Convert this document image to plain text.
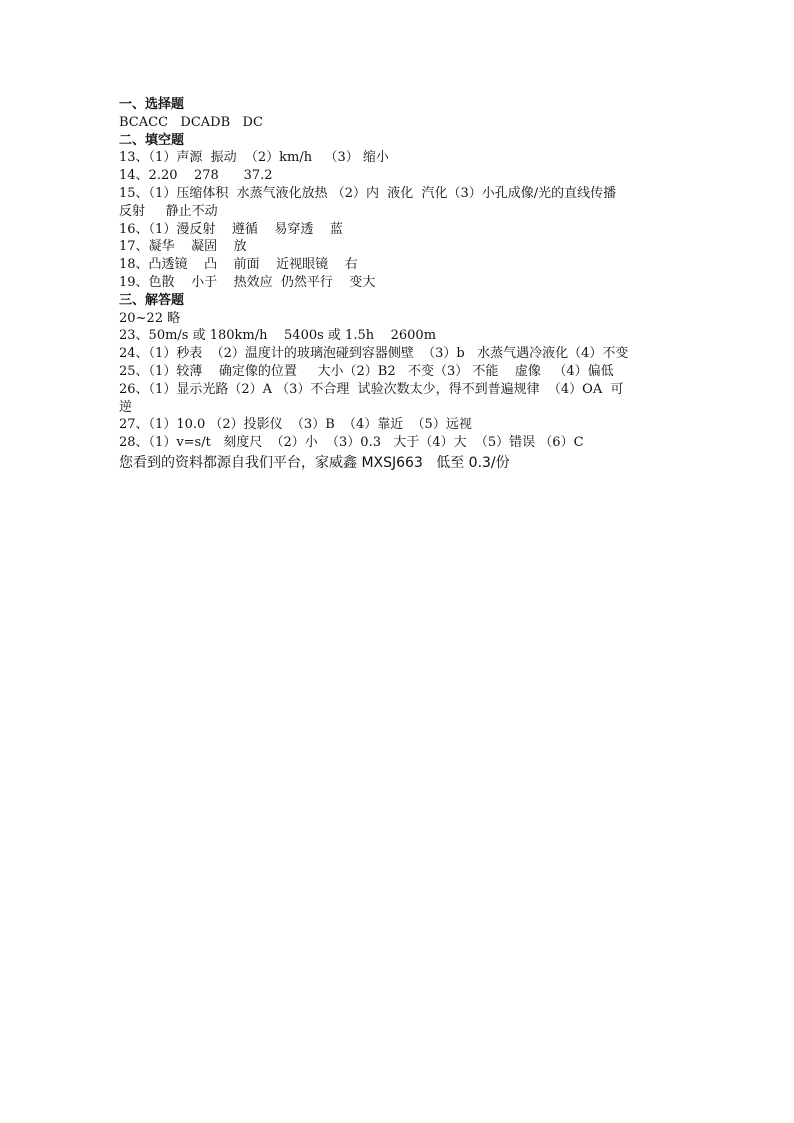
一、选择题
BCACC   DCADB   DC
二、填空题
13、（1）声源  振动  （2）km/h   （3） 缩小
14、2.20    278      37.2
15、（1）压缩体积  水蒸气液化放热 （2）内  液化  汽化（3）小孔成像/光的直线传播
反射     静止不动
16、（1）漫反射    遵循    易穿透    蓝
17、凝华    凝固    放
18、凸透镜    凸    前面    近视眼镜    右
19、色散    小于    热效应  仍然平行    变大
三、解答题
20~22 略
23、50m/s 或 180km/h    5400s 或 1.5h    2600m
24、（1）秒表  （2）温度计的玻璃泡碰到容器侧壁  （3）b   水蒸气遇冷液化（4）不变
25、（1）较薄    确定像的位置     大小（2）B2   不变（3） 不能    虚像   （4）偏低
26、（1）显示光路（2）A （3）不合理  试验次数太少，得不到普遍规律  （4）OA  可
逆
27、（1）10.0 （2）投影仪  （3）B  （4）靠近  （5）远视
28、（1）v=s/t   刻度尺  （2）小  （3）0.3   大于（4）大  （5）错误 （6）C
您看到的资料都源自我们平台，家威鑫 MXSJ663   低至 0.3/份
